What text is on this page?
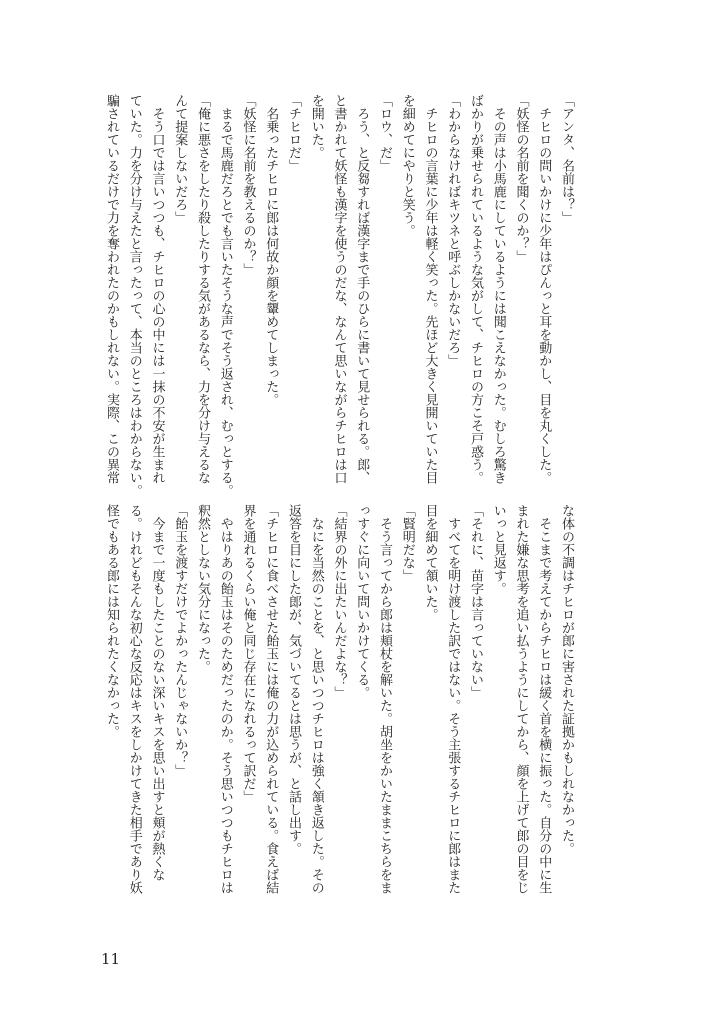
「アンタ、名前は？」
　チヒロの問いかけに少年はぴんっと耳を動かし、目を丸くした。
「妖怪の名前を聞くのか？」
　その声は小馬鹿にしているようには聞こえなかった。むしろ驚き
ばかりが乗せられているような気がして、チヒロの方こそ戸惑う。
「わからなければキツネと呼ぶしかないだろ」
　チヒロの言葉に少年は軽く笑った。先ほど大きく見開いていた目
を細めてにやりと笑う。
「ロウ、だ」
　ろう、と反芻すれば漢字まで手のひらに書いて見せられる。郎、
と書かれて妖怪も漢字を使うのだな、なんて思いながらチヒロは口
を開いた。
「チヒロだ」
　名乗ったチヒロに郎は何故か顔を顰めてしまった。
「妖怪に名前を教えるのか？」
　まるで馬鹿だろとでも言いたそうな声でそう返され、むっとする。
「俺に悪さをしたり殺したりする気があるなら、力を分け与えるな
んて提案しないだろ」
　そう口では言いつつも、チヒロの心の中には一抹の不安が生まれ
ていた。力を分け与えたと言ったって、本当のところはわからない。
騙されているだけで力を奪われたのかもしれない。実際、この異常
な体の不調はチヒロが郎に害された証拠かもしれなかった。
　そこまで考えてからチヒロは緩く首を横に振った。自分の中に生
まれた嫌な思考を追い払うようにしてから、顔を上げて郎の目をじ
いっと見返す。
「それに、苗字は言っていない」
　すべてを明け渡した訳ではない。そう主張するチヒロに郎はまた
目を細めて頷いた。
「賢明だな」
　そう言ってから郎は頬杖を解いた。胡坐をかいたままこちらをま
っすぐに向いて問いかけてくる。
「結界の外に出たいんだよな？」
　なにを当然のことを、と思いつつチヒロは強く頷き返した。その
返答を目にした郎が、気づいてるとは思うが、と話し出す。
「チヒロに食べさせた飴玉には俺の力が込められている。食えば結
界を通れるくらい俺と同じ存在になれるって訳だ」
　やはりあの飴玉はそのためだったのか。そう思いつつもチヒロは
釈然としない気分になった。
「飴玉を渡すだけでよかったんじゃないか？」
　今まで一度もしたことのない深いキスを思い出すと頬が熱くな
る。けれどもそんな初心な反応はキスをしかけてきた相手であり妖
怪でもある郎には知られたくなかった。
11
